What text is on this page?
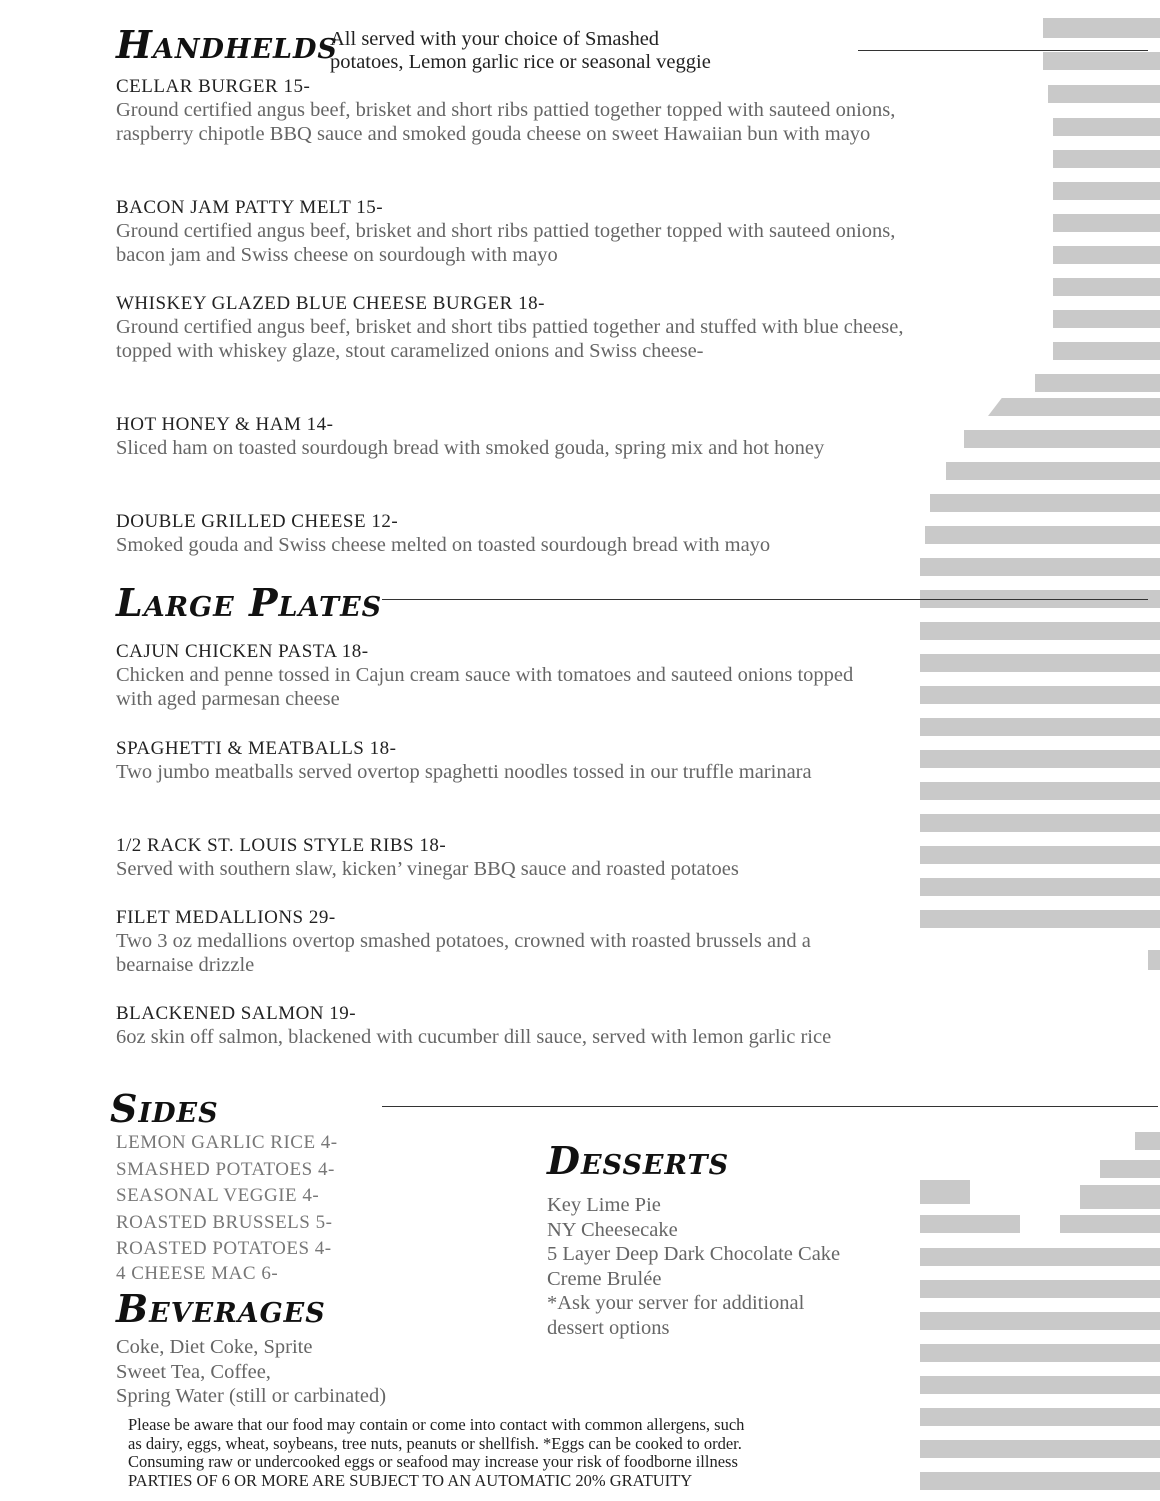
Handhelds
All served with your choice of Smashed
potatoes, Lemon garlic rice or seasonal veggie
CELLAR BURGER 15-
Ground certified angus beef, brisket and short ribs pattied together topped with sauteed onions, raspberry chipotle BBQ sauce and smoked gouda cheese on sweet Hawaiian bun with mayo
BACON JAM PATTY MELT 15-
Ground certified angus beef, brisket and short ribs pattied together topped with sauteed onions, bacon jam and Swiss cheese on sourdough with mayo
WHISKEY GLAZED BLUE CHEESE BURGER 18-
Ground certified angus beef, brisket and short tibs pattied together and stuffed with blue cheese, topped with whiskey glaze, stout caramelized onions and Swiss cheese-
HOT HONEY & HAM 14-
Sliced ham on toasted sourdough bread with smoked gouda, spring mix and hot honey
DOUBLE GRILLED CHEESE 12-
Smoked gouda and Swiss cheese melted on toasted sourdough bread with mayo
Large Plates
CAJUN CHICKEN PASTA 18-
Chicken and penne tossed in Cajun cream sauce with tomatoes and sauteed onions topped with aged parmesan cheese
SPAGHETTI & MEATBALLS 18-
Two jumbo meatballs served overtop spaghetti noodles tossed in our truffle marinara
1/2 RACK ST. LOUIS STYLE RIBS 18-
Served with southern slaw, kicken’ vinegar BBQ sauce and roasted potatoes
FILET MEDALLIONS 29-
Two 3 oz medallions overtop smashed potatoes, crowned with roasted brussels and a bearnaise drizzle
BLACKENED SALMON 19-
6oz skin off salmon, blackened with cucumber dill sauce, served with lemon garlic rice
Sides
LEMON GARLIC RICE 4-
SMASHED POTATOES 4-
SEASONAL VEGGIE 4-
ROASTED BRUSSELS 5-
ROASTED POTATOES 4-
4 CHEESE MAC 6-
Beverages
Coke, Diet Coke, Sprite
Sweet Tea, Coffee,
Spring Water (still or carbinated)
Desserts
Key Lime Pie
NY Cheesecake
5 Layer Deep Dark Chocolate Cake
Creme Brulée
*Ask your server for additional
dessert options
Please be aware that our food may contain or come into contact with common allergens, such
as dairy, eggs, wheat, soybeans, tree nuts, peanuts or shellfish. *Eggs can be cooked to order.
Consuming raw or undercooked eggs or seafood may increase your risk of foodborne illness
PARTIES OF 6 OR MORE ARE SUBJECT TO AN AUTOMATIC 20% GRATUITY
